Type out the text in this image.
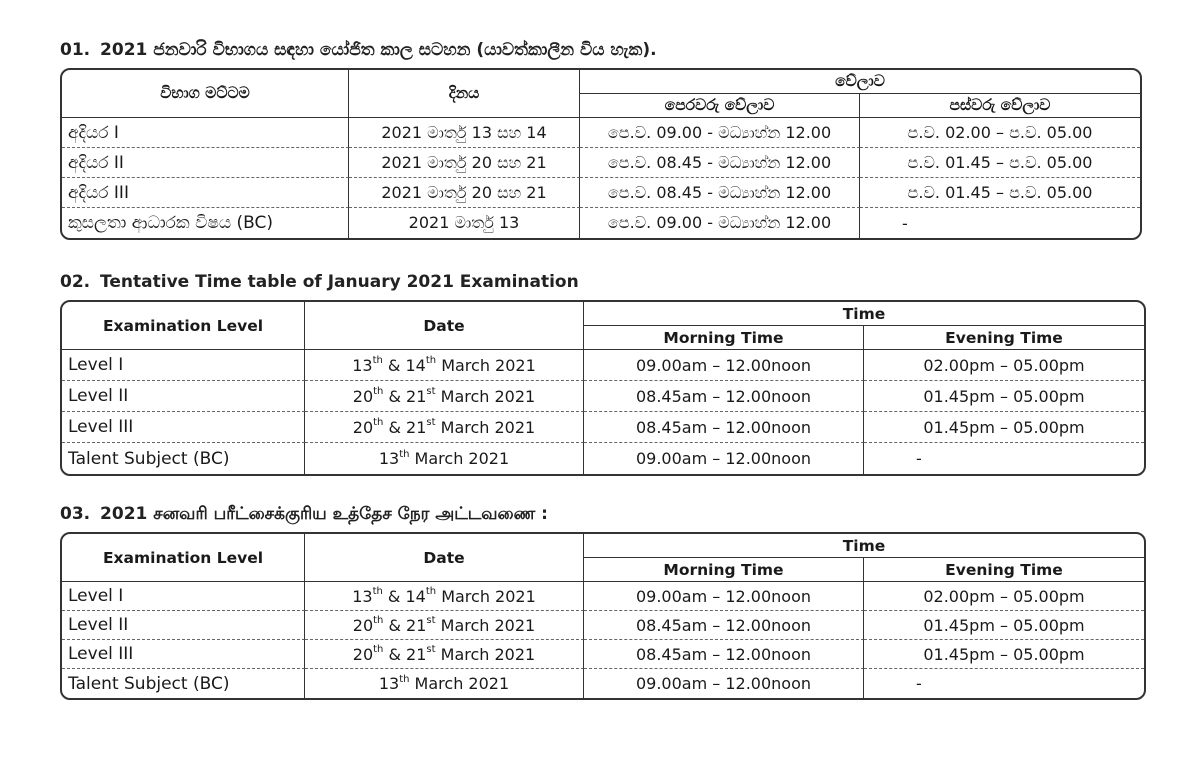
01. 2021 ජනවාරි විභාගය සඳහා යෝජිත කාල සටහන (යාවත්කාලීන විය හැක).
විභාග මට්ටම	දිනය	වේලාව	
		පෙරවරු වේලාව	පස්වරු වේලාව
අදියර I	2021 මාර්තු 13 සහ 14	පෙ.ව. 09.00 - මධ්‍යාහ්න 12.00	ප.ව. 02.00 – ප.ව. 05.00
අදියර II	2021 මාර්තු 20 සහ 21	පෙ.ව. 08.45 - මධ්‍යාහ්න 12.00	ප.ව. 01.45 – ප.ව. 05.00
අදියර III	2021 මාර්තු 20 සහ 21	පෙ.ව. 08.45 - මධ්‍යාහ්න 12.00	ප.ව. 01.45 – ප.ව. 05.00
කුසලතා ආධාරක විෂය (BC)	2021 මාර්තු 13	පෙ.ව. 09.00 - මධ්‍යාහ්න 12.00	-
02. Tentative Time table of January 2021 Examination
Examination Level	Date	Time	
		Morning Time	Evening Time
Level I	13th & 14th March 2021	09.00am – 12.00noon	02.00pm – 05.00pm
Level II	20th & 21st March 2021	08.45am – 12.00noon	01.45pm – 05.00pm
Level III	20th & 21st March 2021	08.45am – 12.00noon	01.45pm – 05.00pm
Talent Subject (BC)	13th March 2021	09.00am – 12.00noon	-
03. 2021 சனவரி பரீட்சைக்குரிய உத்தேச நேர அட்டவணை :
Examination Level	Date	Time	
		Morning Time	Evening Time
Level I	13th & 14th March 2021	09.00am – 12.00noon	02.00pm – 05.00pm
Level II	20th & 21st March 2021	08.45am – 12.00noon	01.45pm – 05.00pm
Level III	20th & 21st March 2021	08.45am – 12.00noon	01.45pm – 05.00pm
Talent Subject (BC)	13th March 2021	09.00am – 12.00noon	-
